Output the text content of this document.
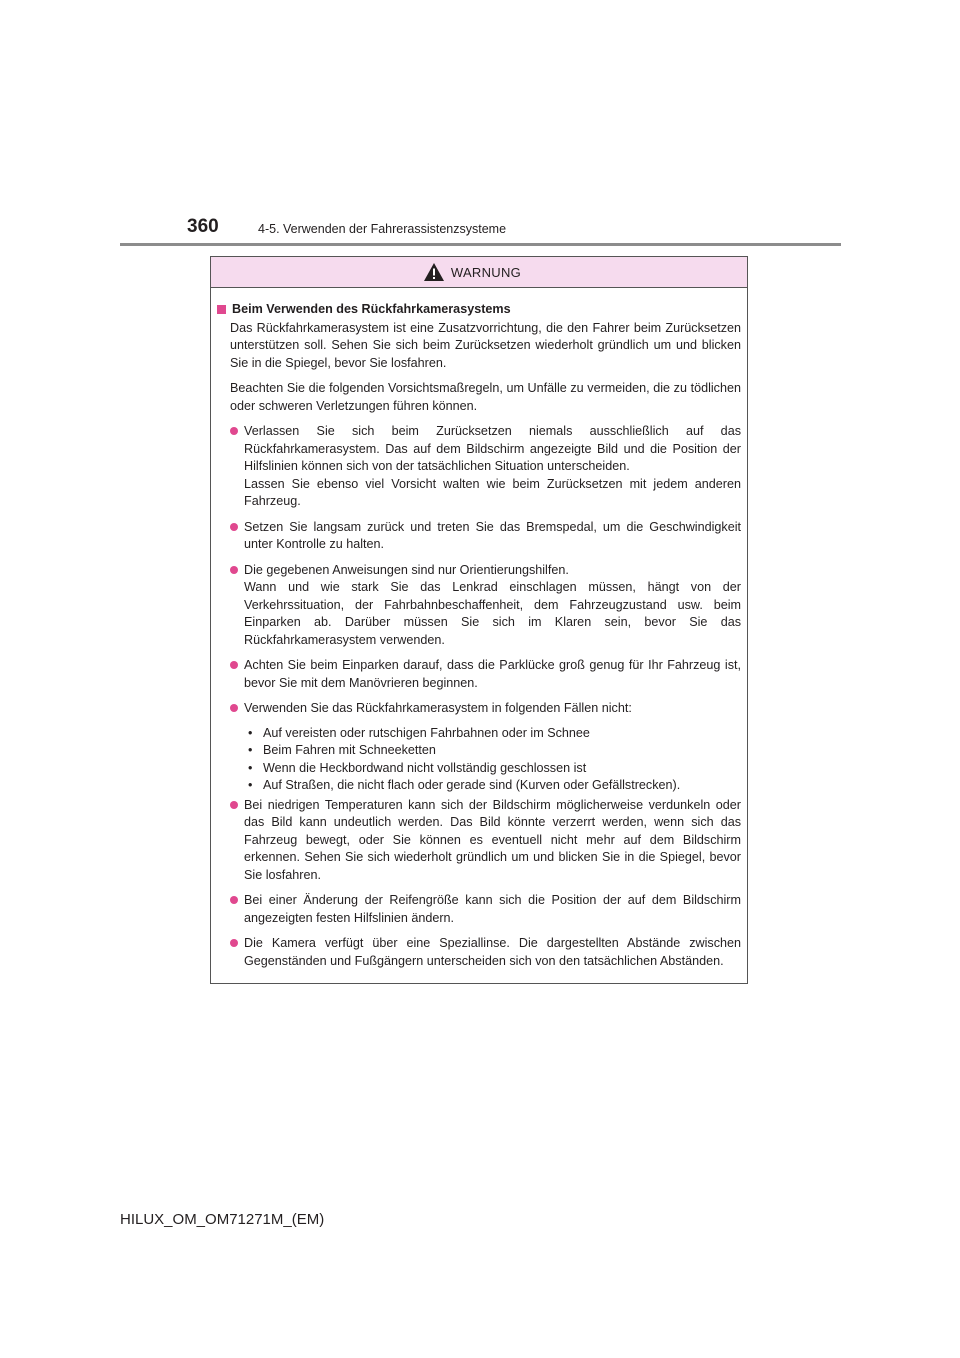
360	4-5. Verwenden der Fahrerassistenzsysteme
WARNUNG
Beim Verwenden des Rückfahrkamerasystems

Das Rückfahrkamerasystem ist eine Zusatzvorrichtung, die den Fahrer beim Zurücksetzen unterstützen soll. Sehen Sie sich beim Zurücksetzen wiederholt gründlich um und blicken Sie in die Spiegel, bevor Sie losfahren.

Beachten Sie die folgenden Vorsichtsmaßregeln, um Unfälle zu vermeiden, die zu tödlichen oder schweren Verletzungen führen können.

Verlassen Sie sich beim Zurücksetzen niemals ausschließlich auf das Rückfahrkamerasystem. Das auf dem Bildschirm angezeigte Bild und die Position der Hilfslinien können sich von der tatsächlichen Situation unterscheiden.
Lassen Sie ebenso viel Vorsicht walten wie beim Zurücksetzen mit jedem anderen Fahrzeug.
Setzen Sie langsam zurück und treten Sie das Bremspedal, um die Geschwindigkeit unter Kontrolle zu halten.
Die gegebenen Anweisungen sind nur Orientierungshilfen.
Wann und wie stark Sie das Lenkrad einschlagen müssen, hängt von der Verkehrssituation, der Fahrbahnbeschaffenheit, dem Fahrzeugzustand usw. beim Einparken ab. Darüber müssen Sie sich im Klaren sein, bevor Sie das Rückfahrkamerasystem verwenden.
Achten Sie beim Einparken darauf, dass die Parklücke groß genug für Ihr Fahrzeug ist, bevor Sie mit dem Manövrieren beginnen.
Verwenden Sie das Rückfahrkamerasystem in folgenden Fällen nicht:
• Auf vereisten oder rutschigen Fahrbahnen oder im Schnee
• Beim Fahren mit Schneeketten
• Wenn die Heckbordwand nicht vollständig geschlossen ist
• Auf Straßen, die nicht flach oder gerade sind (Kurven oder Gefällstrecken).
Bei niedrigen Temperaturen kann sich der Bildschirm möglicherweise verdunkeln oder das Bild kann undeutlich werden. Das Bild könnte verzerrt werden, wenn sich das Fahrzeug bewegt, oder Sie können es eventuell nicht mehr auf dem Bildschirm erkennen. Sehen Sie sich wiederholt gründlich um und blicken Sie in die Spiegel, bevor Sie losfahren.
Bei einer Änderung der Reifengröße kann sich die Position der auf dem Bildschirm angezeigten festen Hilfslinien ändern.
Die Kamera verfügt über eine Speziallinse. Die dargestellten Abstände zwischen Gegenständen und Fußgängern unterscheiden sich von den tatsächlichen Abständen.
HILUX_OM_OM71271M_(EM)
